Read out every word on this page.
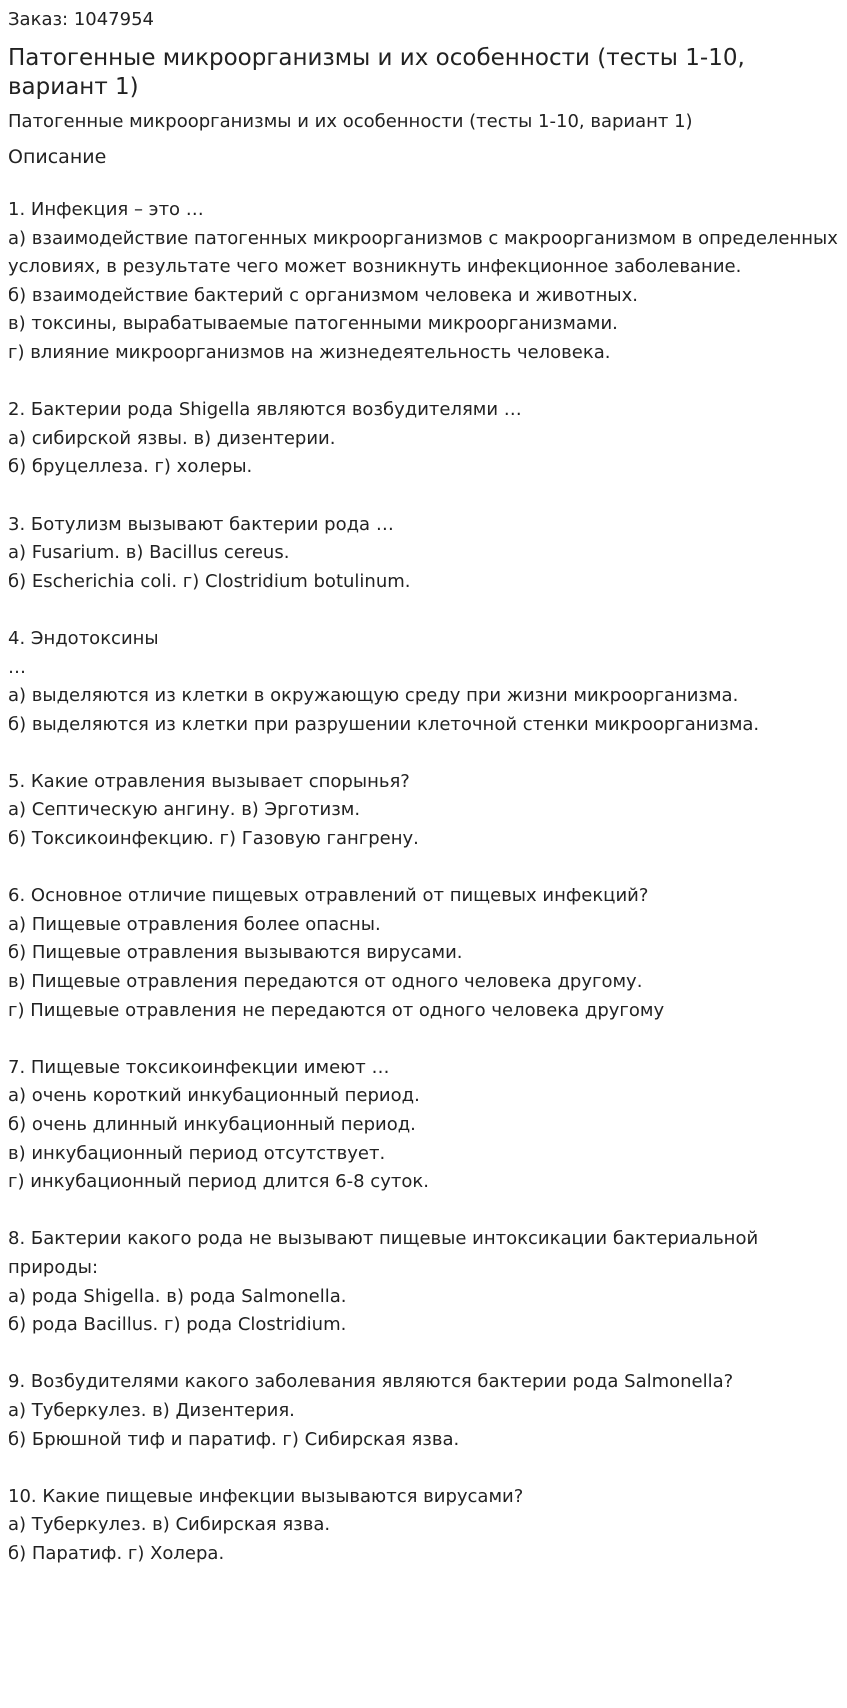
Заказ: 1047954
Патогенные микроорганизмы и их особенности (тесты 1-10, вариант 1)
Патогенные микроорганизмы и их особенности (тесты 1-10, вариант 1)
Описание
1. Инфекция – это …
а) взаимодействие патогенных микроорганизмов с макроорганизмом в определенных условиях, в результате чего может возникнуть инфекционное заболевание.
б) взаимодействие бактерий с организмом человека и животных.
в) токсины, вырабатываемые патогенными микроорганизмами.
г) влияние микроорганизмов на жизнедеятельность человека.
2. Бактерии рода Shigella являются возбудителями …
а) сибирской язвы. в) дизентерии.
б) бруцеллеза. г) холеры.
3. Ботулизм вызывают бактерии рода …
а) Fusarium. в) Bacillus cereus.
б) Escherichia coli. г) Clostridium botulinum.
4. Эндотоксины
…
а) выделяются из клетки в окружающую среду при жизни микроорганизма.
б) выделяются из клетки при разрушении клеточной стенки микроорганизма.
5. Какие отравления вызывает спорынья?
а) Септическую ангину. в) Эрготизм.
б) Токсикоинфекцию. г) Газовую гангрену.
6. Основное отличие пищевых отравлений от пищевых инфекций?
а) Пищевые отравления более опасны.
б) Пищевые отравления вызываются вирусами.
в) Пищевые отравления передаются от одного человека другому.
г) Пищевые отравления не передаются от одного человека другому
7. Пищевые токсикоинфекции имеют …
а) очень короткий инкубационный период.
б) очень длинный инкубационный период.
в) инкубационный период отсутствует.
г) инкубационный период длится 6-8 суток.
8. Бактерии какого рода не вызывают пищевые интоксикации бактериальной природы:
а) рода Shigella. в) рода Salmonella.
б) рода Bacillus. г) рода Clostridium.
9. Возбудителями какого заболевания являются бактерии рода Salmonella?
а) Туберкулез. в) Дизентерия.
б) Брюшной тиф и паратиф. г) Сибирская язва.
10. Какие пищевые инфекции вызываются вирусами?
а) Туберкулез. в) Сибирская язва.
б) Паратиф. г) Холера.
